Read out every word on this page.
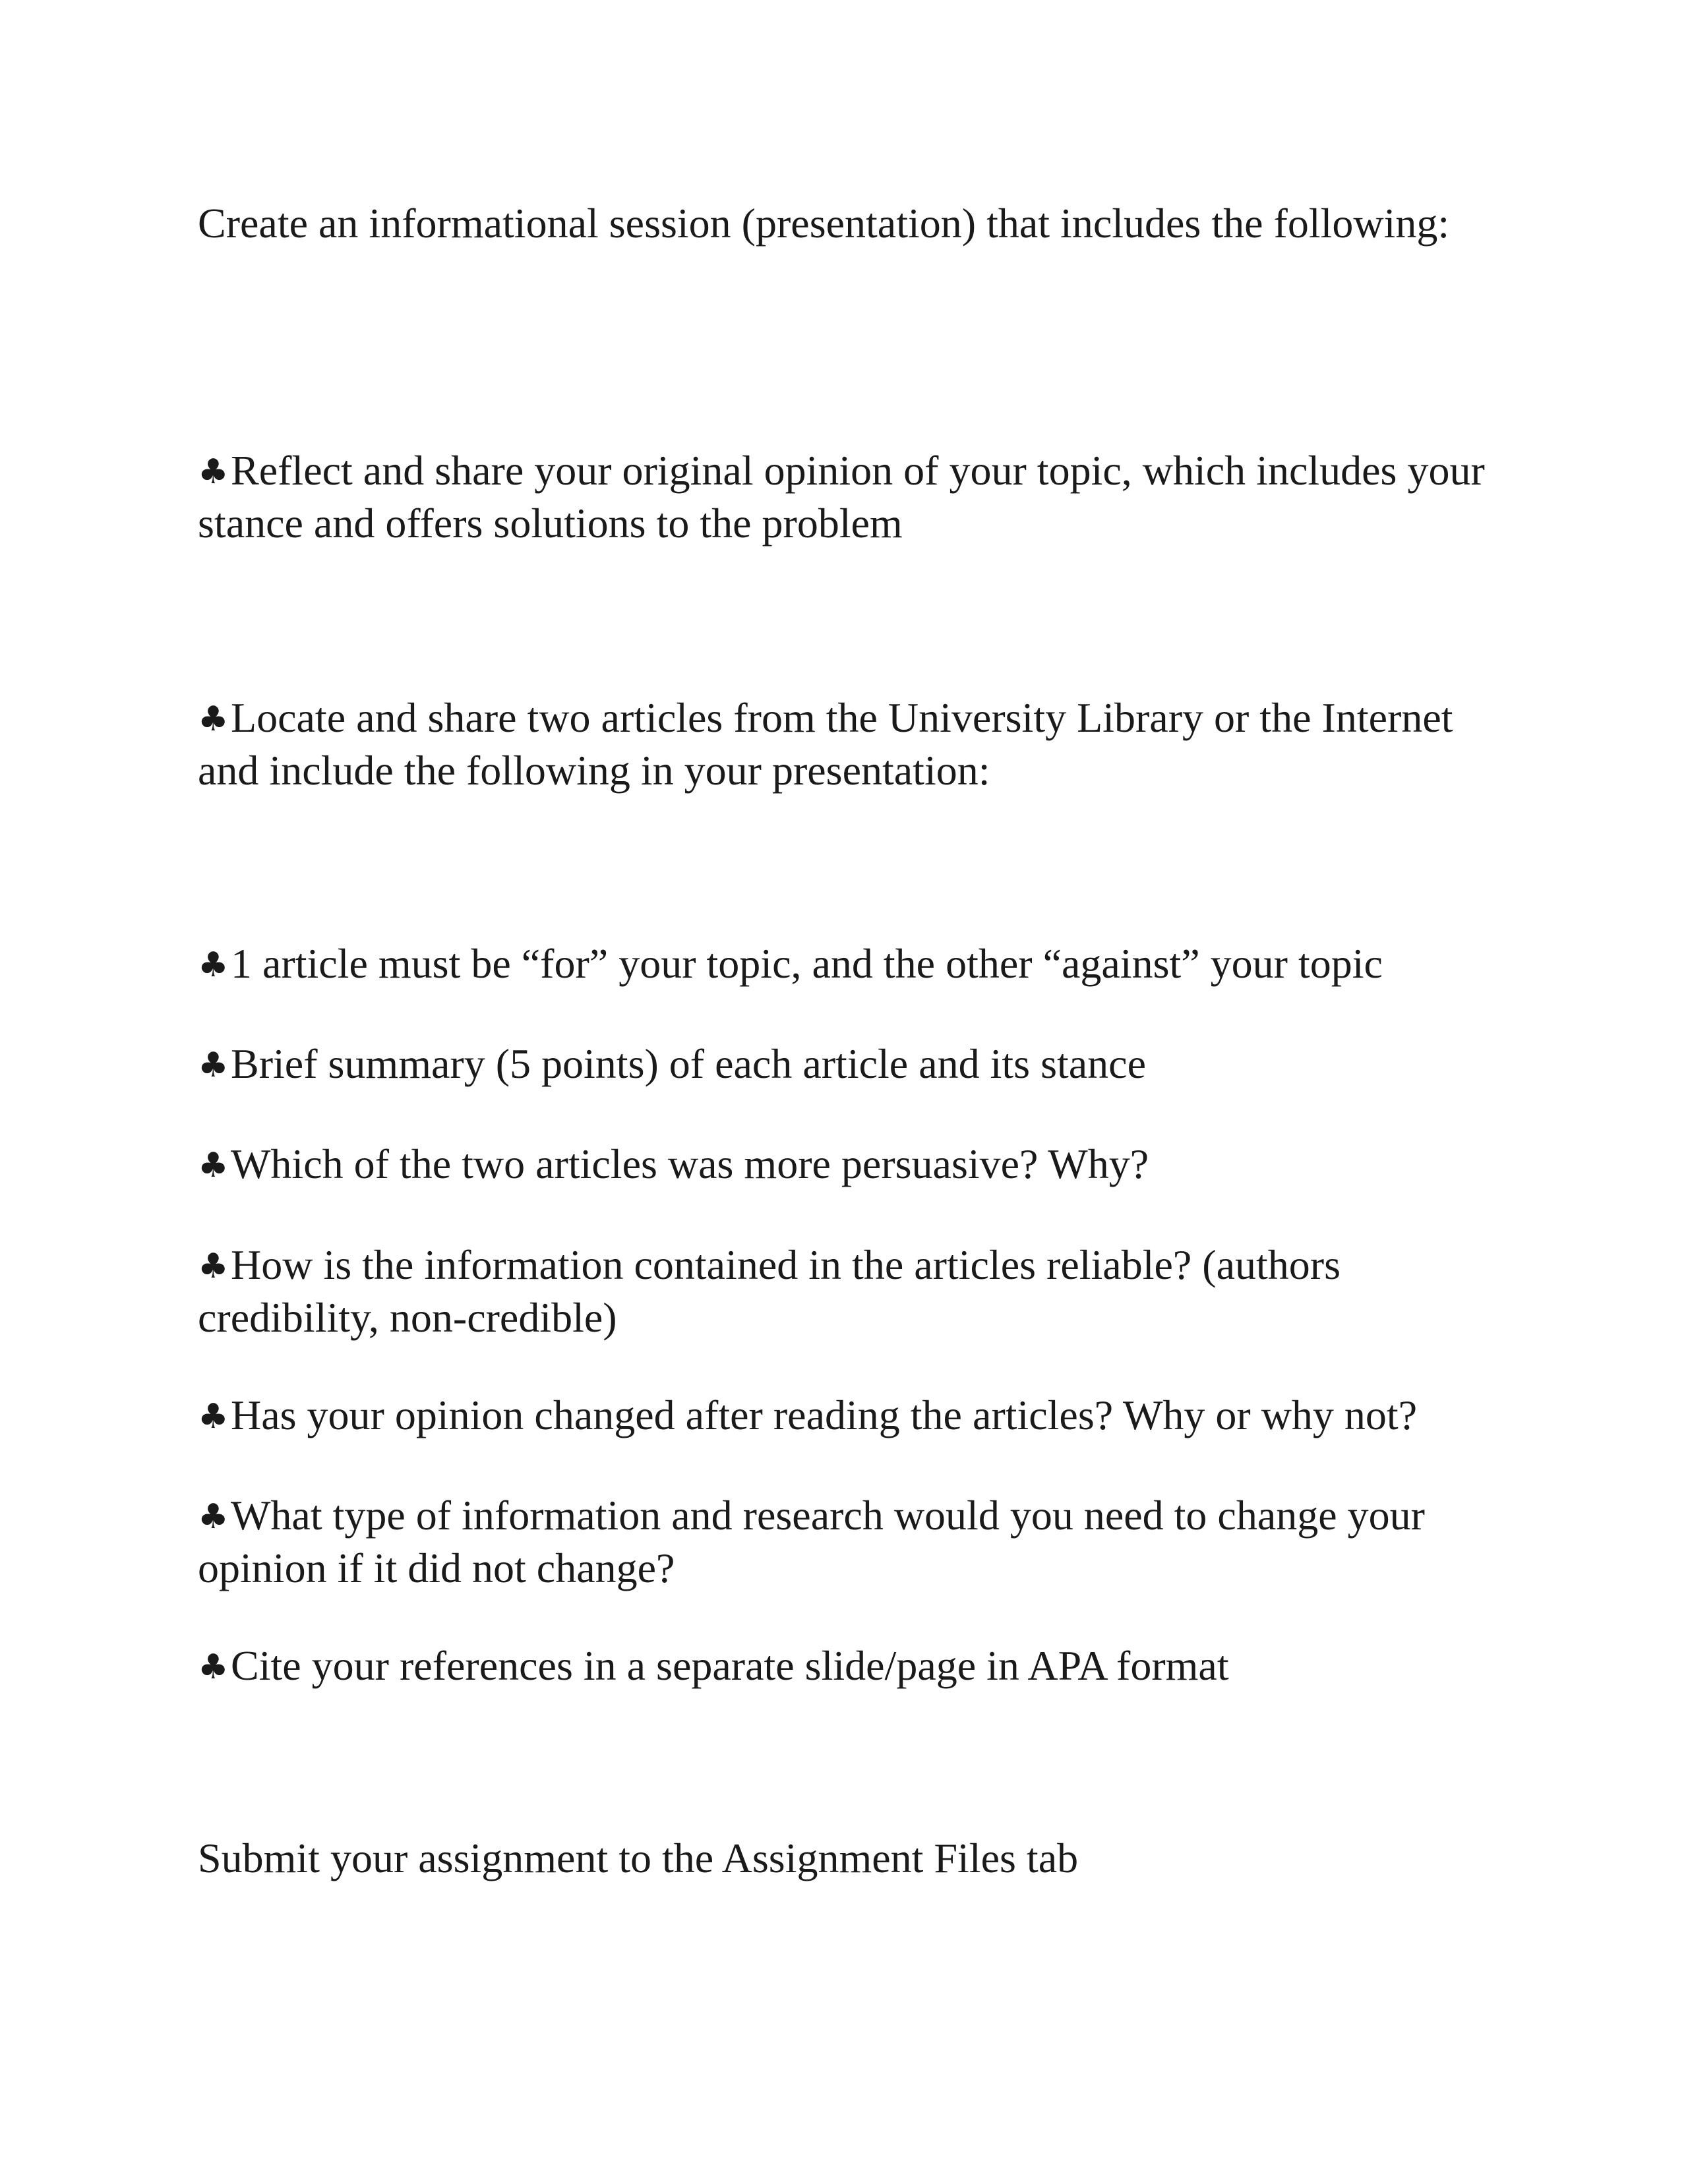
Create an informational session (presentation) that includes the following:

♣Reflect and share your original opinion of your topic, which includes your stance and offers solutions to the problem

♣Locate and share two articles from the University Library or the Internet and include the following in your presentation:

♣1 article must be “for” your topic, and the other “against” your topic

♣Brief summary (5 points) of each article and its stance

♣Which of the two articles was more persuasive? Why?

♣How is the information contained in the articles reliable? (authors credibility, non-credible)

♣Has your opinion changed after reading the articles? Why or why not?

♣What type of information and research would you need to change your opinion if it did not change?

♣Cite your references in a separate slide/page in APA format

Submit your assignment to the Assignment Files tab
